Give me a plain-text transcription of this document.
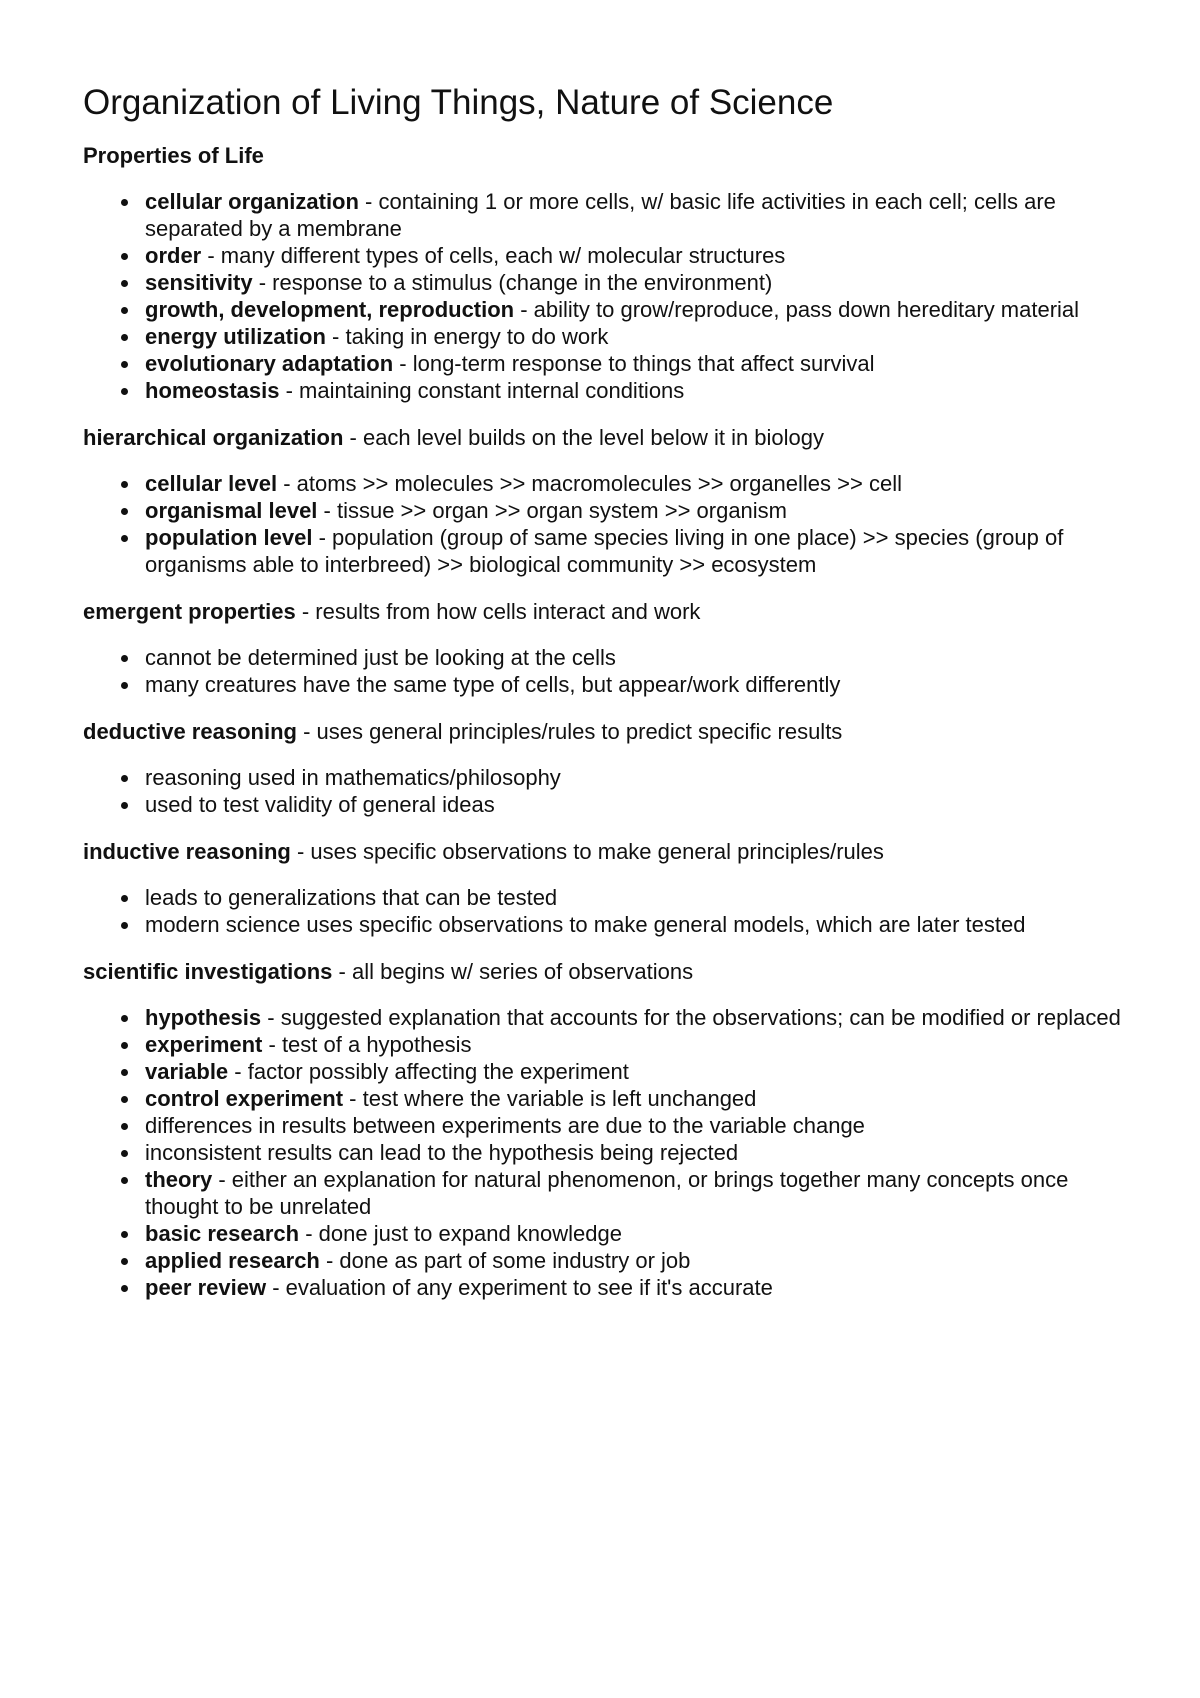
Organization of Living Things, Nature of Science
Properties of Life
cellular organization - containing 1 or more cells, w/ basic life activities in each cell; cells are separated by a membrane
order - many different types of cells, each w/ molecular structures
sensitivity - response to a stimulus (change in the environment)
growth, development, reproduction - ability to grow/reproduce, pass down hereditary material
energy utilization - taking in energy to do work
evolutionary adaptation - long-term response to things that affect survival
homeostasis - maintaining constant internal conditions
hierarchical organization - each level builds on the level below it in biology
cellular level - atoms >> molecules >> macromolecules >> organelles >> cell
organismal level - tissue >> organ >> organ system >> organism
population level - population (group of same species living in one place) >> species (group of organisms able to interbreed) >> biological community >> ecosystem
emergent properties - results from how cells interact and work
cannot be determined just be looking at the cells
many creatures have the same type of cells, but appear/work differently
deductive reasoning - uses general principles/rules to predict specific results
reasoning used in mathematics/philosophy
used to test validity of general ideas
inductive reasoning - uses specific observations to make general principles/rules
leads to generalizations that can be tested
modern science uses specific observations to make general models, which are later tested
scientific investigations - all begins w/ series of observations
hypothesis - suggested explanation that accounts for the observations; can be modified or replaced
experiment - test of a hypothesis
variable - factor possibly affecting the experiment
control experiment - test where the variable is left unchanged
differences in results between experiments are due to the variable change
inconsistent results can lead to the hypothesis being rejected
theory - either an explanation for natural phenomenon, or brings together many concepts once thought to be unrelated
basic research - done just to expand knowledge
applied research - done as part of some industry or job
peer review - evaluation of any experiment to see if it's accurate
